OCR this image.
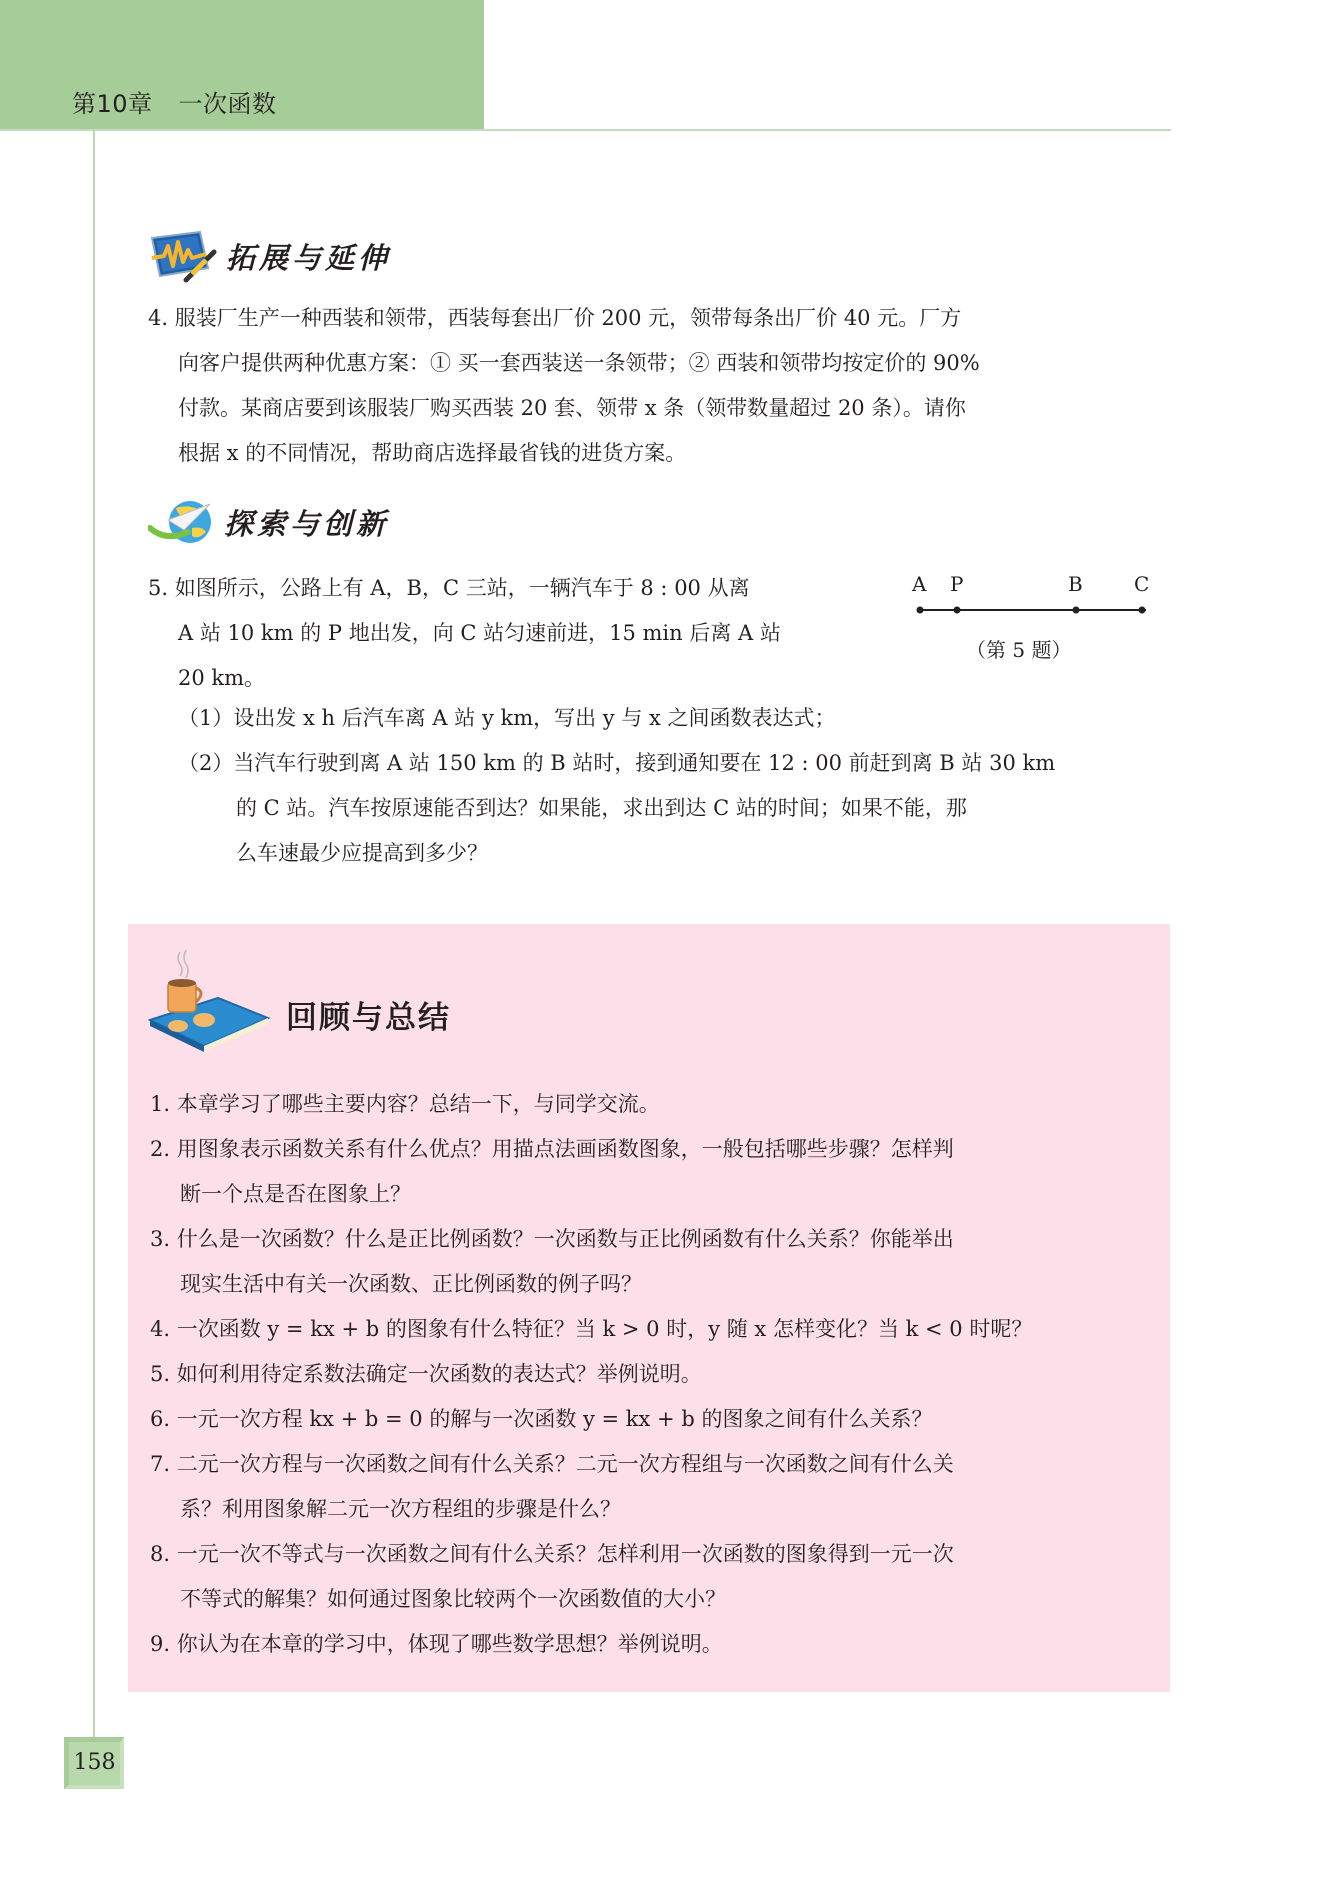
第10章 一次函数
拓展与延伸

4. 服装厂生产一种西装和领带，西装每套出厂价 200 元，领带每条出厂价 40 元。厂方

向客户提供两种优惠方案：① 买一套西装送一条领带；② 西装和领带均按定价的 90%

付款。某商店要到该服装厂购买西装 20 套、领带 x 条（领带数量超过 20 条）。请你

根据 x 的不同情况，帮助商店选择最省钱的进货方案。

探索与创新

5. 如图所示，公路上有 A，B，C 三站，一辆汽车于 8 : 00 从离

A 站 10 km 的 P 地出发，向 C 站匀速前进，15 min 后离 A 站

20 km。

A P	B	C
（第 5 题）

（1）设出发 x h 后汽车离 A 站 y km，写出 y 与 x 之间函数表达式；

（2）当汽车行驶到离 A 站 150 km 的 B 站时，接到通知要在 12 : 00 前赶到离 B 站 30 km

的 C 站。汽车按原速能否到达？如果能，求出到达 C 站的时间；如果不能，那

么车速最少应提高到多少？

回顾与总结

1. 本章学习了哪些主要内容？总结一下，与同学交流。

2. 用图象表示函数关系有什么优点？用描点法画函数图象，一般包括哪些步骤？怎样判

断一个点是否在图象上？

3. 什么是一次函数？什么是正比例函数？一次函数与正比例函数有什么关系？你能举出

现实生活中有关一次函数、正比例函数的例子吗？

4. 一次函数 y = kx + b 的图象有什么特征？当 k > 0 时，y 随 x 怎样变化？当 k < 0 时呢？

5. 如何利用待定系数法确定一次函数的表达式？举例说明。

6. 一元一次方程 kx + b = 0 的解与一次函数 y = kx + b 的图象之间有什么关系？

7. 二元一次方程与一次函数之间有什么关系？二元一次方程组与一次函数之间有什么关

系？利用图象解二元一次方程组的步骤是什么？

8. 一元一次不等式与一次函数之间有什么关系？怎样利用一次函数的图象得到一元一次

不等式的解集？如何通过图象比较两个一次函数值的大小？

9. 你认为在本章的学习中，体现了哪些数学思想？举例说明。

158
